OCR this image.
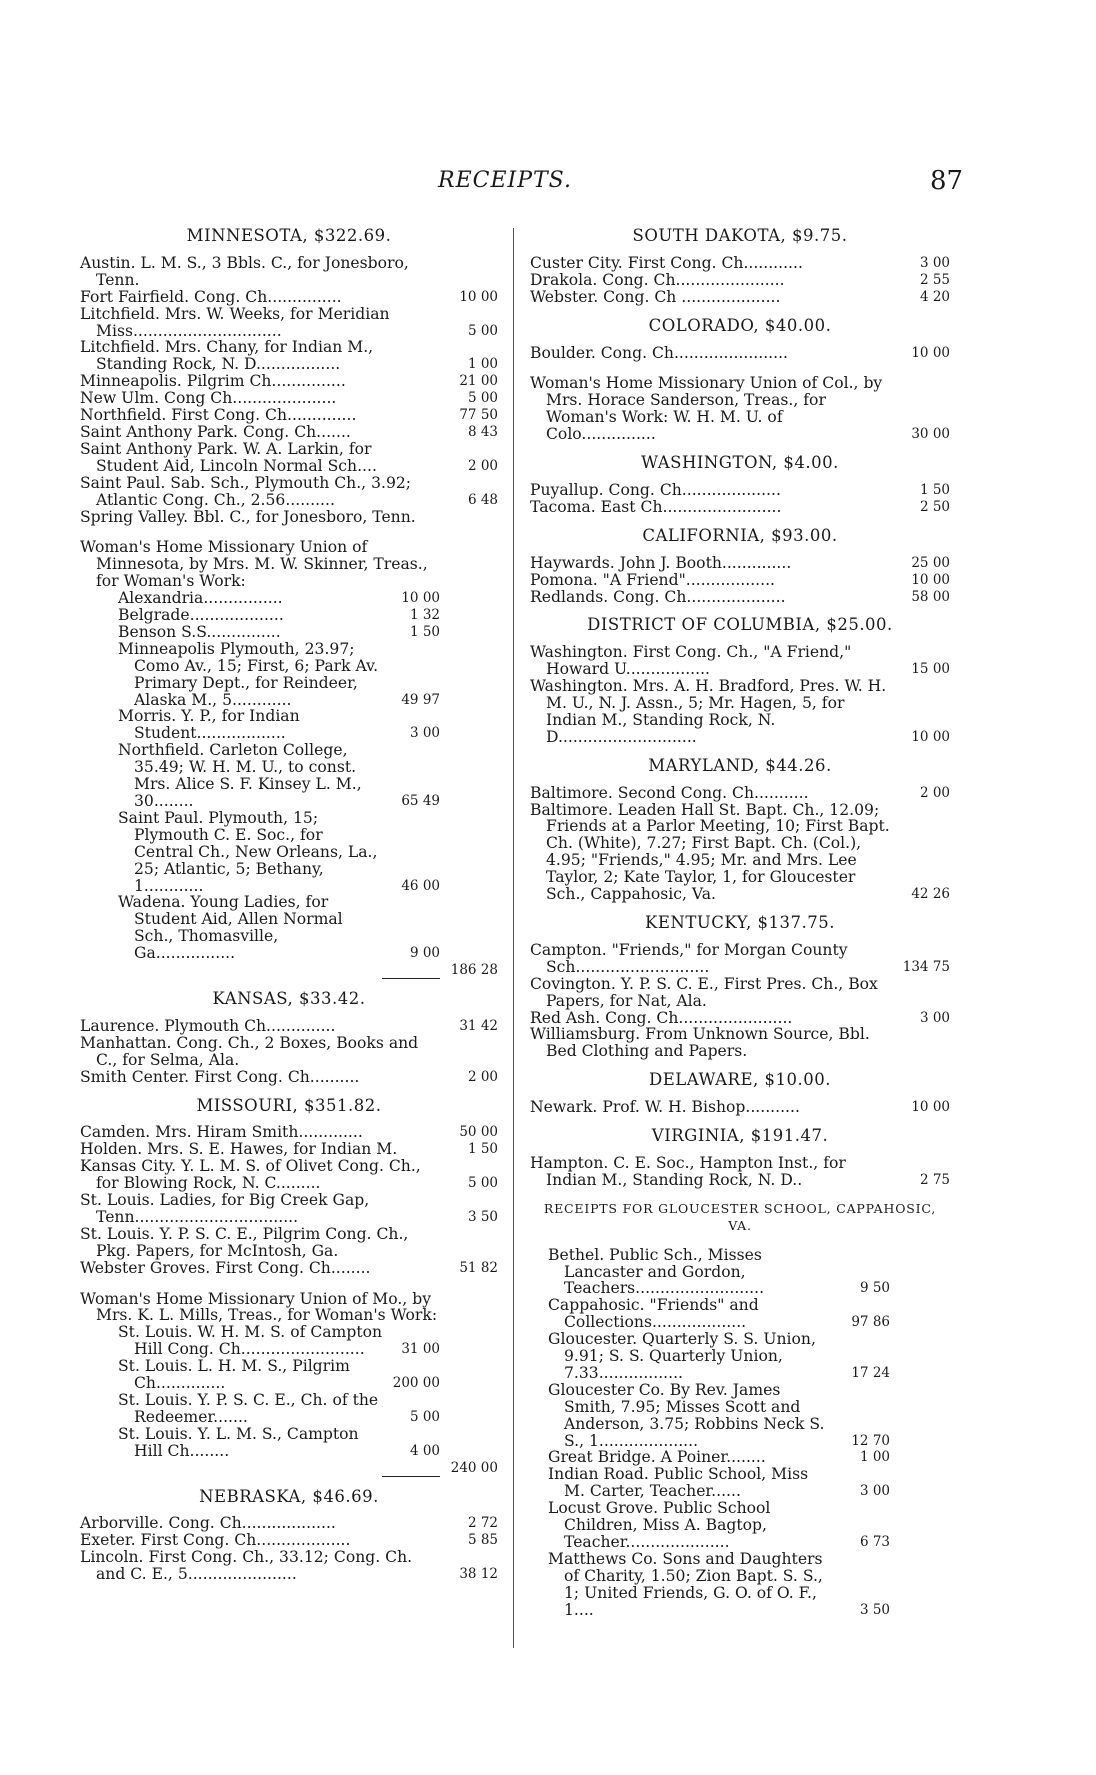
RECEIPTS.	87
MINNESOTA, $322.69.
Austin. L. M. S., 3 Bbls. C., for Jonesboro, Tenn.
Fort Fairfield. Cong. Ch...............	10 00
Litchfield. Mrs. W. Weeks, for Meridian Miss..............................	5 00
Litchfield. Mrs. Chany, for Indian M., Standing Rock, N. D.................	1 00
Minneapolis. Pilgrim Ch...............	21 00
New Ulm. Cong Ch.....................	5 00
Northfield. First Cong. Ch..............	77 50
Saint Anthony Park. Cong. Ch.......	8 43
Saint Anthony Park. W. A. Larkin, for Student Aid, Lincoln Normal Sch....	2 00
Saint Paul. Sab. Sch., Plymouth Ch., 3.92; Atlantic Cong. Ch., 2.56..........	6 48
Spring Valley. Bbl. C., for Jonesboro, Tenn.
Woman's Home Missionary Union of Minnesota, by Mrs. M. W. Skinner, Treas., for Woman's Work:
Alexandria................	10 00
Belgrade...................	1 32
Benson S.S...............	1 50
Minneapolis Plymouth, 23.97; Como Av., 15; First, 6; Park Av. Primary Dept., for Reindeer, Alaska M., 5............	49 97
Morris. Y. P., for Indian Student..................	3 00
Northfield. Carleton College, 35.49; W. H. M. U., to const. Mrs. Alice S. F. Kinsey L. M., 30........	65 49
Saint Paul. Plymouth, 15; Plymouth C. E. Soc., for Central Ch., New Orleans, La., 25; Atlantic, 5; Bethany, 1............	46 00
Wadena. Young Ladies, for Student Aid, Allen Normal Sch., Thomasville, Ga................	9 00
186 28
KANSAS, $33.42.
Laurence. Plymouth Ch..............	31 42
Manhattan. Cong. Ch., 2 Boxes, Books and C., for Selma, Ala.
Smith Center. First Cong. Ch..........	2 00
MISSOURI, $351.82.
Camden. Mrs. Hiram Smith.............	50 00
Holden. Mrs. S. E. Hawes, for Indian M.	1 50
Kansas City. Y. L. M. S. of Olivet Cong. Ch., for Blowing Rock, N. C.........	5 00
St. Louis. Ladies, for Big Creek Gap, Tenn.................................	3 50
St. Louis. Y. P. S. C. E., Pilgrim Cong. Ch., Pkg. Papers, for McIntosh, Ga.
Webster Groves. First Cong. Ch........	51 82
Woman's Home Missionary Union of Mo., by Mrs. K. L. Mills, Treas., for Woman's Work:
St. Louis. W. H. M. S. of Campton Hill Cong. Ch.........................	31 00
St. Louis. L. H. M. S., Pilgrim Ch..............	200 00
St. Louis. Y. P. S. C. E., Ch. of the Redeemer.......	5 00
St. Louis. Y. L. M. S., Campton Hill Ch........	4 00
240 00
NEBRASKA, $46.69.
Arborville. Cong. Ch...................	2 72
Exeter. First Cong. Ch...................	5 85
Lincoln. First Cong. Ch., 33.12; Cong. Ch. and C. E., 5......................	38 12
SOUTH DAKOTA, $9.75.
Custer City. First Cong. Ch............	3 00
Drakola. Cong. Ch......................	2 55
Webster. Cong. Ch ....................	4 20
COLORADO, $40.00.
Boulder. Cong. Ch.......................	10 00
Woman's Home Missionary Union of Col., by Mrs. Horace Sanderson, Treas., for Woman's Work: W. H. M. U. of Colo...............	30 00
WASHINGTON, $4.00.
Puyallup. Cong. Ch....................	1 50
Tacoma. East Ch........................	2 50
CALIFORNIA, $93.00.
Haywards. John J. Booth..............	25 00
Pomona. "A Friend"..................	10 00
Redlands. Cong. Ch....................	58 00
DISTRICT OF COLUMBIA, $25.00.
Washington. First Cong. Ch., "A Friend," Howard U.................	15 00
Washington. Mrs. A. H. Bradford, Pres. W. H. M. U., N. J. Assn., 5; Mr. Hagen, 5, for Indian M., Standing Rock, N. D............................	10 00
MARYLAND, $44.26.
Baltimore. Second Cong. Ch...........	2 00
Baltimore. Leaden Hall St. Bapt. Ch., 12.09; Friends at a Parlor Meeting, 10; First Bapt. Ch. (White), 7.27; First Bapt. Ch. (Col.), 4.95; "Friends," 4.95; Mr. and Mrs. Lee Taylor, 2; Kate Taylor, 1, for Gloucester Sch., Cappahosic, Va.	42 26
KENTUCKY, $137.75.
Campton. "Friends," for Morgan County Sch...........................	134 75
Covington. Y. P. S. C. E., First Pres. Ch., Box Papers, for Nat, Ala.
Red Ash. Cong. Ch.......................	3 00
Williamsburg. From Unknown Source, Bbl. Bed Clothing and Papers.
DELAWARE, $10.00.
Newark. Prof. W. H. Bishop...........	10 00
VIRGINIA, $191.47.
Hampton. C. E. Soc., Hampton Inst., for Indian M., Standing Rock, N. D..	2 75
RECEIPTS FOR GLOUCESTER SCHOOL, CAPPAHOSIC, VA.
Bethel. Public Sch., Misses Lancaster and Gordon, Teachers..........................	9 50
Cappahosic. "Friends" and Collections...................	97 86
Gloucester. Quarterly S. S. Union, 9.91; S. S. Quarterly Union, 7.33.................	17 24
Gloucester Co. By Rev. James Smith, 7.95; Misses Scott and Anderson, 3.75; Robbins Neck S. S., 1....................	12 70
Great Bridge. A Poiner........	1 00
Indian Road. Public School, Miss M. Carter, Teacher......	3 00
Locust Grove. Public School Children, Miss A. Bagtop, Teacher.....................	6 73
Matthews Co. Sons and Daughters of Charity, 1.50; Zion Bapt. S. S., 1; United Friends, G. O. of O. F., 1....	3 50
